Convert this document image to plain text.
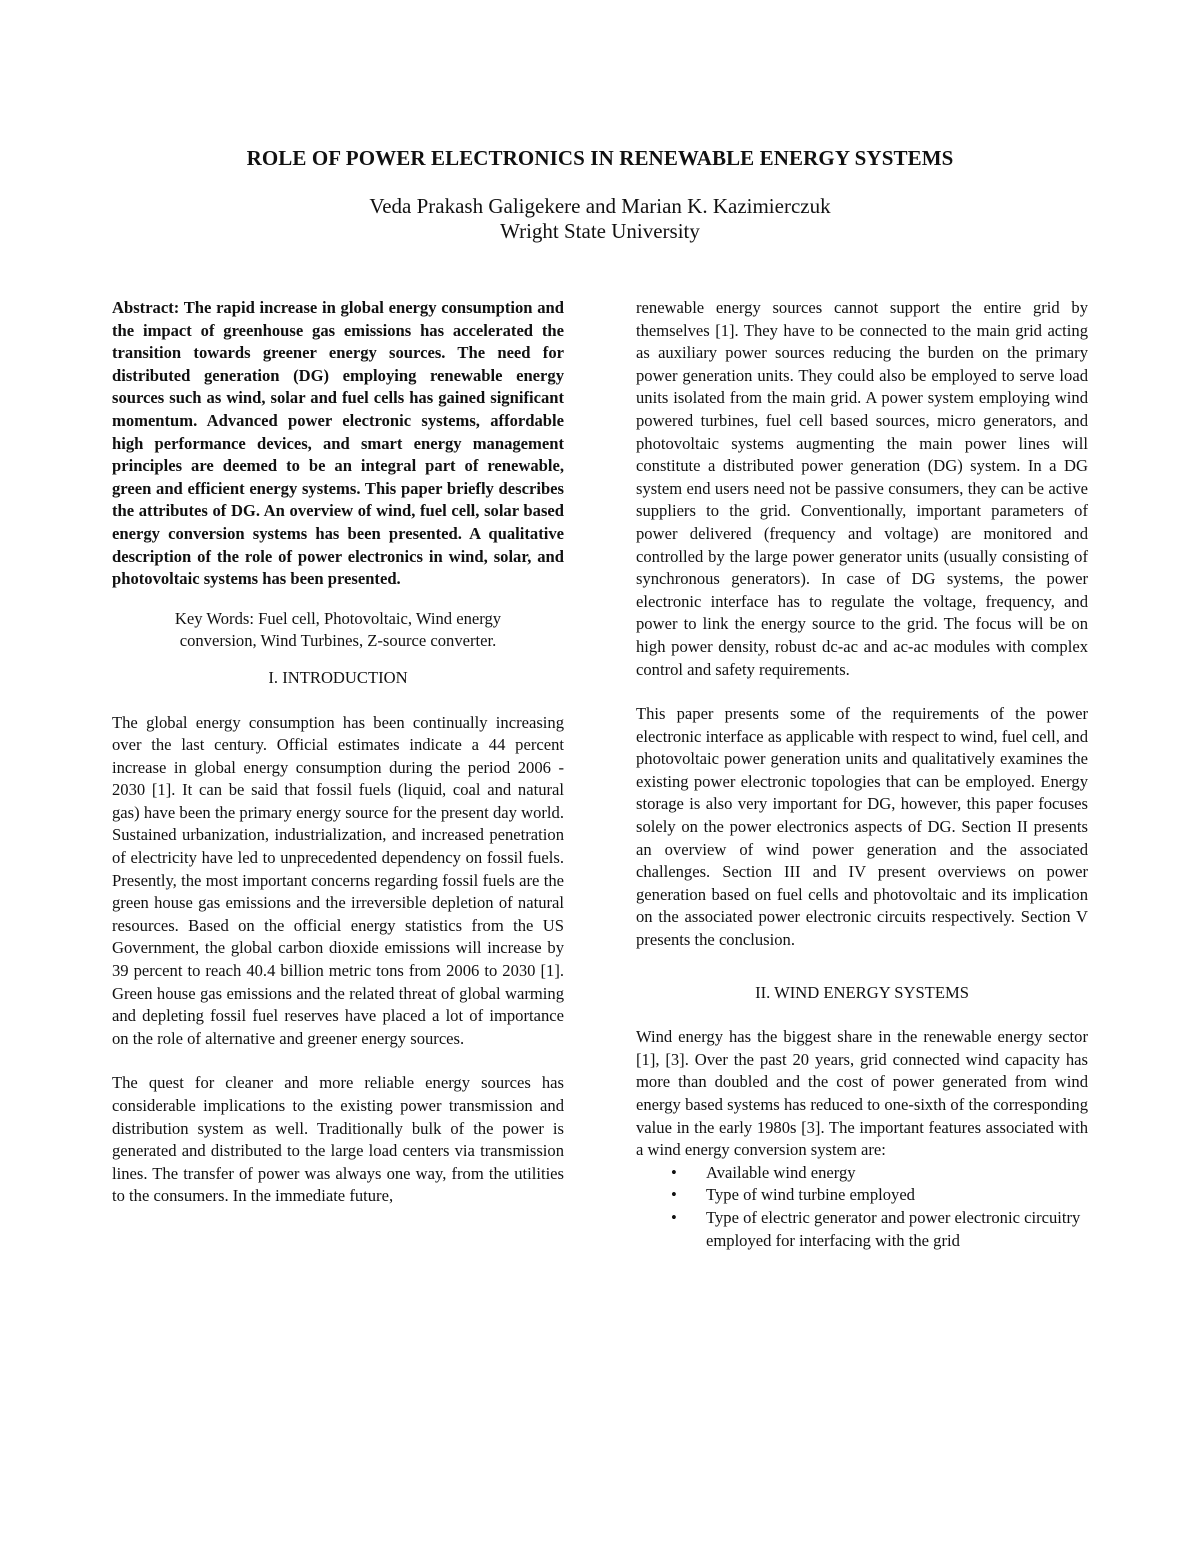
ROLE OF POWER ELECTRONICS IN RENEWABLE ENERGY SYSTEMS
Veda Prakash Galigekere and Marian K. Kazimierczuk
Wright State University

Abstract: The rapid increase in global energy consumption and the impact of greenhouse gas emissions has accelerated the transition towards greener energy sources. The need for distributed generation (DG) employing renewable energy sources such as wind, solar and fuel cells has gained significant momentum. Advanced power electronic systems, affordable high performance devices, and smart energy management principles are deemed to be an integral part of renewable, green and efficient energy systems. This paper briefly describes the attributes of DG. An overview of wind, fuel cell, solar based energy conversion systems has been presented. A qualitative description of the role of power electronics in wind, solar, and photovoltaic systems has been presented.

Key Words: Fuel cell, Photovoltaic, Wind energy
conversion, Wind Turbines, Z-source converter.

I. INTRODUCTION

The global energy consumption has been continually increasing over the last century. Official estimates indicate a 44 percent increase in global energy consumption during the period 2006 - 2030 [1]. It can be said that fossil fuels (liquid, coal and natural gas) have been the primary energy source for the present day world. Sustained urbanization, industrialization, and increased penetration of electricity have led to unprecedented dependency on fossil fuels. Presently, the most important concerns regarding fossil fuels are the green house gas emissions and the irreversible depletion of natural resources. Based on the official energy statistics from the US Government, the global carbon dioxide emissions will increase by 39 percent to reach 40.4 billion metric tons from 2006 to 2030 [1]. Green house gas emissions and the related threat of global warming and depleting fossil fuel reserves have placed a lot of importance on the role of alternative and greener energy sources.

The quest for cleaner and more reliable energy sources has considerable implications to the existing power transmission and distribution system as well. Traditionally bulk of the power is generated and distributed to the large load centers via transmission lines. The transfer of power was always one way, from the utilities to the consumers. In the immediate future,

renewable energy sources cannot support the entire grid by themselves [1]. They have to be connected to the main grid acting as auxiliary power sources reducing the burden on the primary power generation units. They could also be employed to serve load units isolated from the main grid. A power system employing wind powered turbines, fuel cell based sources, micro generators, and photovoltaic systems augmenting the main power lines will constitute a distributed power generation (DG) system. In a DG system end users need not be passive consumers, they can be active suppliers to the grid. Conventionally, important parameters of power delivered (frequency and voltage) are monitored and controlled by the large power generator units (usually consisting of synchronous generators). In case of DG systems, the power electronic interface has to regulate the voltage, frequency, and power to link the energy source to the grid. The focus will be on high power density, robust dc-ac and ac-ac modules with complex control and safety requirements.

This paper presents some of the requirements of the power electronic interface as applicable with respect to wind, fuel cell, and photovoltaic power generation units and qualitatively examines the existing power electronic topologies that can be employed. Energy storage is also very important for DG, however, this paper focuses solely on the power electronics aspects of DG. Section II presents an overview of wind power generation and the associated challenges. Section III and IV present overviews on power generation based on fuel cells and photovoltaic and its implication on the associated power electronic circuits respectively. Section V presents the conclusion.

II. WIND ENERGY SYSTEMS

Wind energy has the biggest share in the renewable energy sector [1], [3]. Over the past 20 years, grid connected wind capacity has more than doubled and the cost of power generated from wind energy based systems has reduced to one-sixth of the corresponding value in the early 1980s [3]. The important features associated with a wind energy conversion system are:

• Available wind energy
• Type of wind turbine employed
• Type of electric generator and power electronic circuitry employed for interfacing with the grid
